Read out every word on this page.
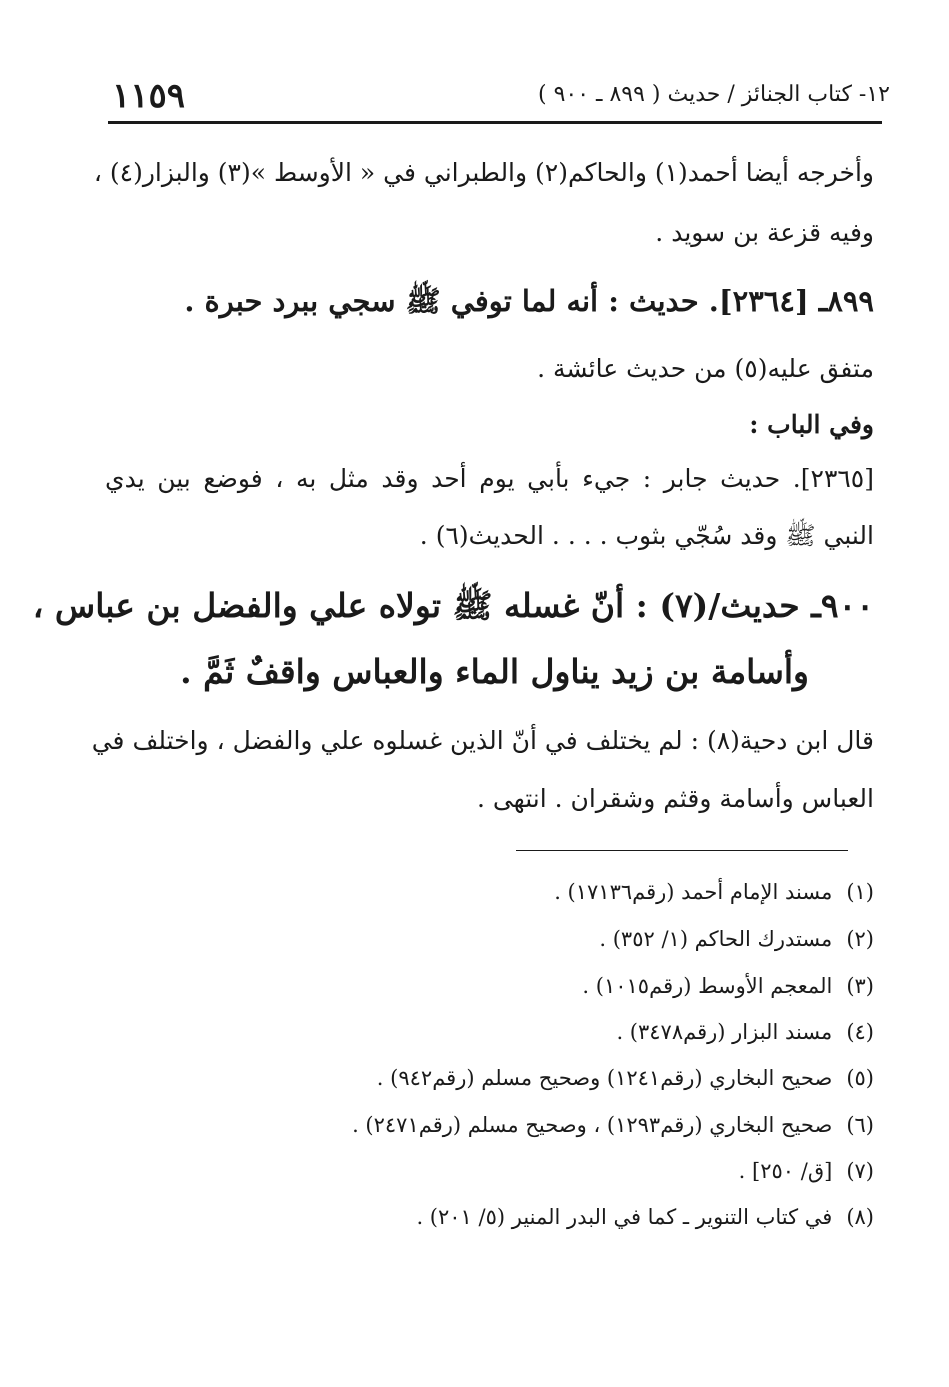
١١٥٩	١٢- كتاب الجنائز / حديث ( ٨٩٩ ـ ٩٠٠ )
وأخرجه أيضا أحمد(١) والحاكم(٢) والطبراني في « الأوسط »(٣) والبزار(٤) ،
وفيه قزعة بن سويد .
٨٩٩ـ [٢٣٦٤]. حديث : أنه لما توفي ﷺ سجي ببرد حبرة .
متفق عليه(٥) من حديث عائشة .
وفي الباب :
[٢٣٦٥]. حديث جابر : جيء بأبي يوم أحد وقد مثل به ، فوضع بين يدي
النبي ﷺ وقد سُجّي بثوب . . . . الحديث(٦) .
٩٠٠ـ حديث/(٧) : أنّ غسله ﷺ تولاه علي والفضل بن عباس ،
وأسامة بن زيد يناول الماء والعباس واقفٌ ثَمَّ .
قال ابن دحية(٨) : لم يختلف في أنّ الذين غسلوه علي والفضل ، واختلف في
العباس وأسامة وقثم وشقران . انتهى .
(١)مسند الإمام أحمد (رقم١٧١٣٦) .
(٢)مستدرك الحاكم (١/ ٣٥٢) .
(٣)المعجم الأوسط (رقم١٠١٥) .
(٤)مسند البزار (رقم٣٤٧٨) .
(٥)صحيح البخاري (رقم١٢٤١) وصحيح مسلم (رقم٩٤٢) .
(٦)صحيح البخاري (رقم١٢٩٣) ، وصحيح مسلم (رقم٢٤٧١) .
(٧)[ق/ ٢٥٠] .
(٨)في كتاب التنوير ـ كما في البدر المنير (٥/ ٢٠١) .
